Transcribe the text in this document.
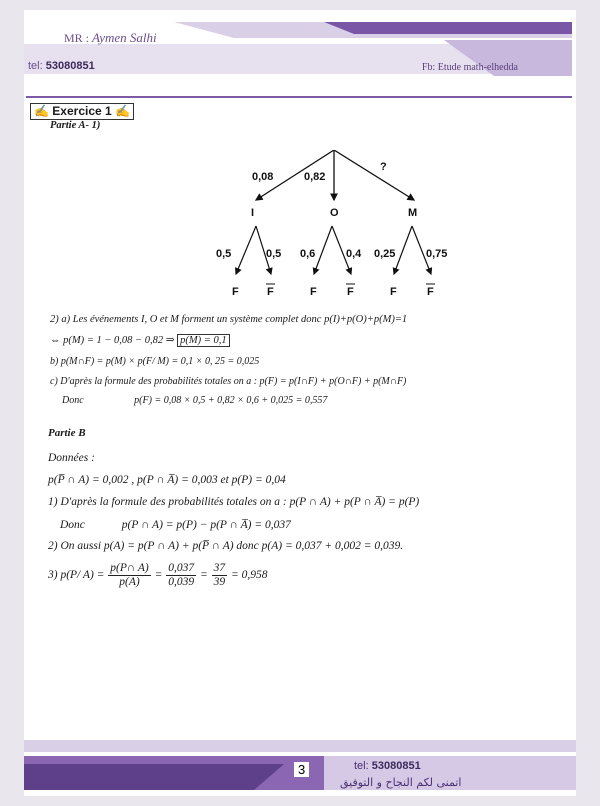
MR : Aymen Salhi
tel: 53080851	Fb: Etude math-elhedda
✍ Exercice 1 ✍
Partie A- 1)
0,08	0,82
?
I	O	M
0,5	0,5 0,6	0,4 0,25	0,75
F	F	F	F	F	F
2) a) Les événements I, O et M forment un système complet donc p(I)+p(O)+p(M)=1
⇔ p(M) = 1 − 0,08 − 0,82 ⇒ p(M) = 0,1
b) p(M∩F) = p(M) × p(F/ M) = 0,1 × 0, 25 = 0,025
c) D'après la formule des probabilités totales on a : p(F) = p(I∩F) + p(O∩F) + p(M∩F)
Donc	p(F) = 0,08 × 0,5 + 0,82 × 0,6 + 0,025 = 0,557
Partie B
Données :
p(P̅ ∩ A) = 0,002 , p(P ∩ A̅) = 0,003 et p(P) = 0,04
1) D'après la formule des probabilités totales on a : p(P ∩ A) + p(P ∩ A̅) = p(P)
Donc	p(P ∩ A) = p(P) − p(P ∩ A̅) = 0,037
2) On aussi p(A) = p(P ∩ A) + p(P̅ ∩ A) donc p(A) = 0,037 + 0,002 = 0,039.
3) p(P/ $A) = \frac{p(P\cap A)}{p(A)} = \frac{0,037}{0,039} = \frac{37}{39} = 0,958$
3	tel: 53080851
اتمنى لكم النجاح و التوفيق
